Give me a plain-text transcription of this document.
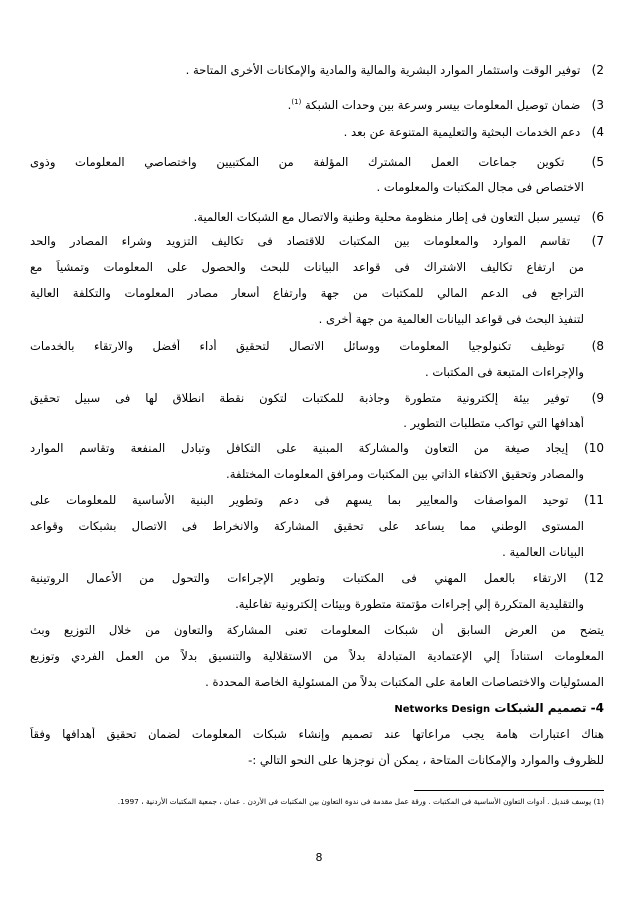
2) توفير الوقت واستثمار الموارد البشرية والمالية والمادية والإمكانات الأخرى المتاحة .
3) ضمان توصيل المعلومات بيسر وسرعة بين وحدات الشبكة $^{(1)}$.
4) دعم الخدمات البحثية والتعليمية المتنوعة عن بعد .
5) تكوين جماعات العمل المشترك المؤلفة من المكتبيين واختصاصي المعلومات وذوى
الاختصاص فى مجال المكتبات والمعلومات .
6) تيسير سبل التعاون فى إطار منظومة محلية وطنية والاتصال مع الشبكات العالمية.
7) تقاسم الموارد والمعلومات بين المكتبات للاقتصاد فى تكاليف التزويد وشراء المصادر والحد
من ارتفاع تكاليف الاشتراك فى قواعد البيانات للبحث والحصول على المعلومات وتمشياً مع
التراجع فى الدعم المالي للمكتبات من جهة وارتفاع أسعار مصادر المعلومات والتكلفة العالية
لتنفيذ البحث فى قواعد البيانات العالمية من جهة أخرى .
8) توظيف تكنولوجيا المعلومات ووسائل الاتصال لتحقيق أداء أفضل والارتقاء بالخدمات
والإجراءات المتبعة فى المكتبات .
9) توفير بيئة إلكترونية متطورة وجاذبة للمكتبات لتكون نقطة انطلاق لها فى سبيل تحقيق
أهدافها التي تواكب متطلبات التطوير .
10) إيجاد صيغة من التعاون والمشاركة المبنية على التكافل وتبادل المنفعة وتقاسم الموارد
والمصادر وتحقيق الاكتفاء الذاتي بين المكتبات ومرافق المعلومات المختلفة.
11) توحيد المواصفات والمعايير بما يسهم فى دعم وتطوير البنية الأساسية للمعلومات على
المستوى الوطني مما يساعد على تحقيق المشاركة والانخراط فى الاتصال بشبكات وقواعد
البيانات العالمية .
12) الارتقاء بالعمل المهني فى المكتبات وتطوير الإجراءات والتحول من الأعمال الروتينية
والتقليدية المتكررة إلي إجراءات مؤتمتة متطورة وبيئات إلكترونية تفاعلية.
يتضح من العرض السابق أن شبكات المعلومات تعنى المشاركة والتعاون من خلال التوزيع وبث
المعلومات استناداً إلي الإعتمادية المتبادلة بدلاً من الاستقلالية والتنسيق بدلاً من العمل الفردي وتوزيع
المسئوليات والاختصاصات العامة على المكتبات بدلاً من المسئولية الخاصة المحددة .
4- تصميم الشبكات Networks Design
هناك اعتبارات هامة يجب مراعاتها عند تصميم وإنشاء شبكات المعلومات لضمان تحقيق أهدافها وفقاً
للظروف والموارد والإمكانات المتاحة ، يمكن أن نوجزها على النحو التالي :-
(1) يوسف قنديل . أدوات التعاون الأساسية فى المكتبات . ورقة عمل مقدمة فى ندوة التعاون بين المكتبات فى الأردن . عمان ، جمعية المكتبات الأردنية ، 1997.
8
